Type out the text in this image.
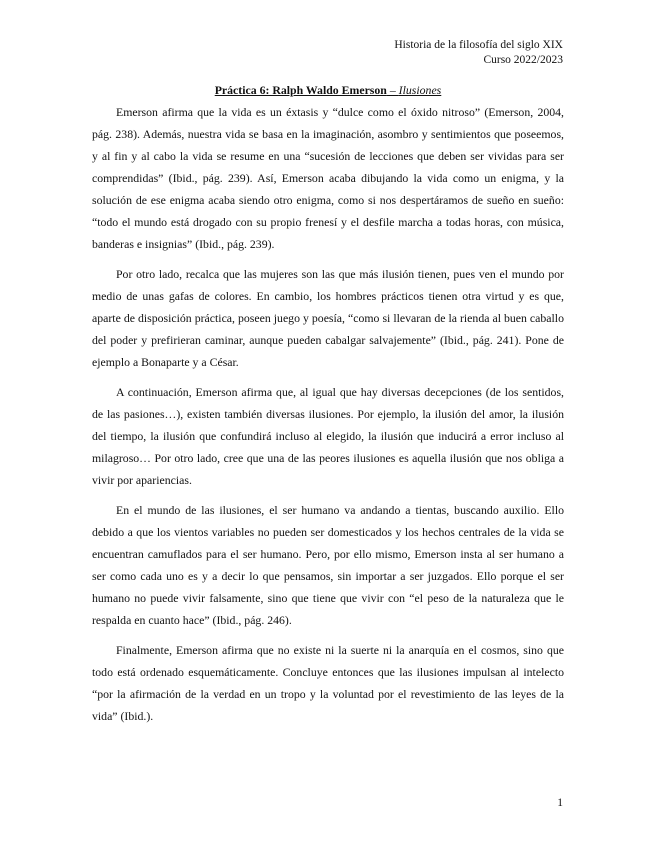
Historia de la filosofía del siglo XIX
Curso 2022/2023
Práctica 6: Ralph Waldo Emerson – Ilusiones

Emerson afirma que la vida es un éxtasis y “dulce como el óxido nitroso” (Emerson, 2004, pág. 238). Además, nuestra vida se basa en la imaginación, asombro y sentimientos que poseemos, y al fin y al cabo la vida se resume en una “sucesión de lecciones que deben ser vividas para ser comprendidas” (Ibid., pág. 239). Así, Emerson acaba dibujando la vida como un enigma, y la solución de ese enigma acaba siendo otro enigma, como si nos despertáramos de sueño en sueño: “todo el mundo está drogado con su propio frenesí y el desfile marcha a todas horas, con música, banderas e insignias” (Ibid., pág. 239).

Por otro lado, recalca que las mujeres son las que más ilusión tienen, pues ven el mundo por medio de unas gafas de colores. En cambio, los hombres prácticos tienen otra virtud y es que, aparte de disposición práctica, poseen juego y poesía, “como si llevaran de la rienda al buen caballo del poder y prefirieran caminar, aunque pueden cabalgar salvajemente” (Ibid., pág. 241). Pone de ejemplo a Bonaparte y a César.

A continuación, Emerson afirma que, al igual que hay diversas decepciones (de los sentidos, de las pasiones…), existen también diversas ilusiones. Por ejemplo, la ilusión del amor, la ilusión del tiempo, la ilusión que confundirá incluso al elegido, la ilusión que inducirá a error incluso al milagroso… Por otro lado, cree que una de las peores ilusiones es aquella ilusión que nos obliga a vivir por apariencias.

En el mundo de las ilusiones, el ser humano va andando a tientas, buscando auxilio. Ello debido a que los vientos variables no pueden ser domesticados y los hechos centrales de la vida se encuentran camuflados para el ser humano. Pero, por ello mismo, Emerson insta al ser humano a ser como cada uno es y a decir lo que pensamos, sin importar a ser juzgados. Ello porque el ser humano no puede vivir falsamente, sino que tiene que vivir con “el peso de la naturaleza que le respalda en cuanto hace” (Ibid., pág. 246).

Finalmente, Emerson afirma que no existe ni la suerte ni la anarquía en el cosmos, sino que todo está ordenado esquemáticamente. Concluye entonces que las ilusiones impulsan al intelecto “por la afirmación de la verdad en un tropo y la voluntad por el revestimiento de las leyes de la vida” (Ibid.).

1
